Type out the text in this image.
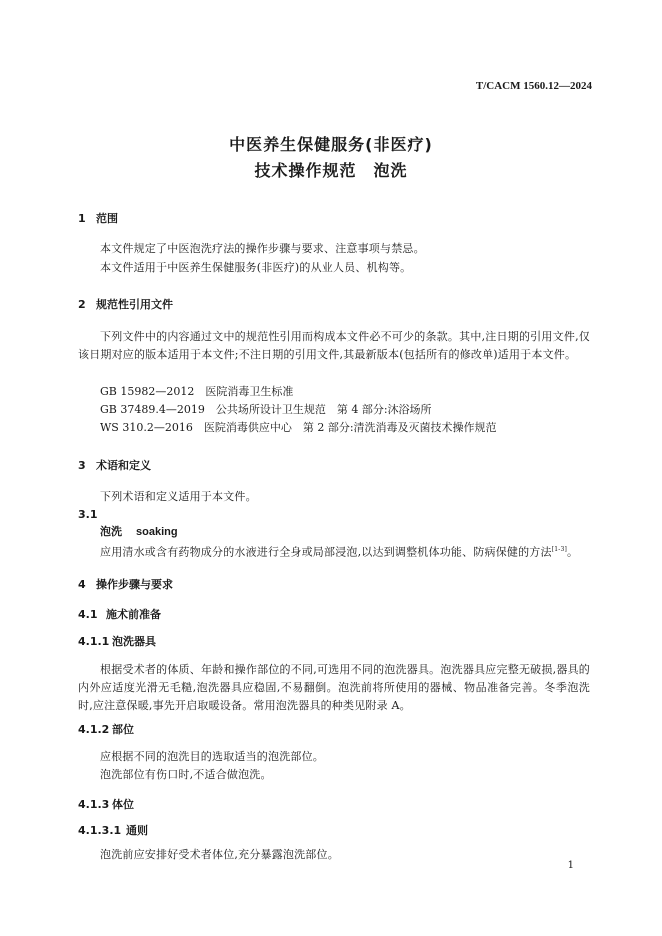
T/CACM 1560.12—2024
中医养生保健服务(非医疗)
技术操作规范　泡洗
1 范围
本文件规定了中医泡洗疗法的操作步骤与要求、注意事项与禁忌。
本文件适用于中医养生保健服务(非医疗)的从业人员、机构等。
2 规范性引用文件
下列文件中的内容通过文中的规范性引用而构成本文件必不可少的条款。其中,注日期的引用文件,仅该日期对应的版本适用于本文件;不注日期的引用文件,其最新版本(包括所有的修改单)适用于本文件。
GB 15982—2012　医院消毒卫生标准
GB 37489.4—2019　公共场所设计卫生规范　第 4 部分:沐浴场所
WS 310.2—2016　医院消毒供应中心　第 2 部分:清洗消毒及灭菌技术操作规范
3 术语和定义
下列术语和定义适用于本文件。
3.1
泡洗 soaking
应用清水或含有药物成分的水液进行全身或局部浸泡,以达到调整机体功能、防病保健的方法[1-3]。
4 操作步骤与要求
4.1 施术前准备
4.1.1 泡洗器具
根据受术者的体质、年龄和操作部位的不同,可选用不同的泡洗器具。泡洗器具应完整无破损,器具的内外应适度光滑无毛糙,泡洗器具应稳固,不易翻倒。泡洗前将所使用的器械、物品准备完善。冬季泡洗时,应注意保暖,事先开启取暖设备。常用泡洗器具的种类见附录 A。
4.1.2 部位
应根据不同的泡洗目的选取适当的泡洗部位。
泡洗部位有伤口时,不适合做泡洗。
4.1.3 体位
4.1.3.1 通则
泡洗前应安排好受术者体位,充分暴露泡洗部位。
1
